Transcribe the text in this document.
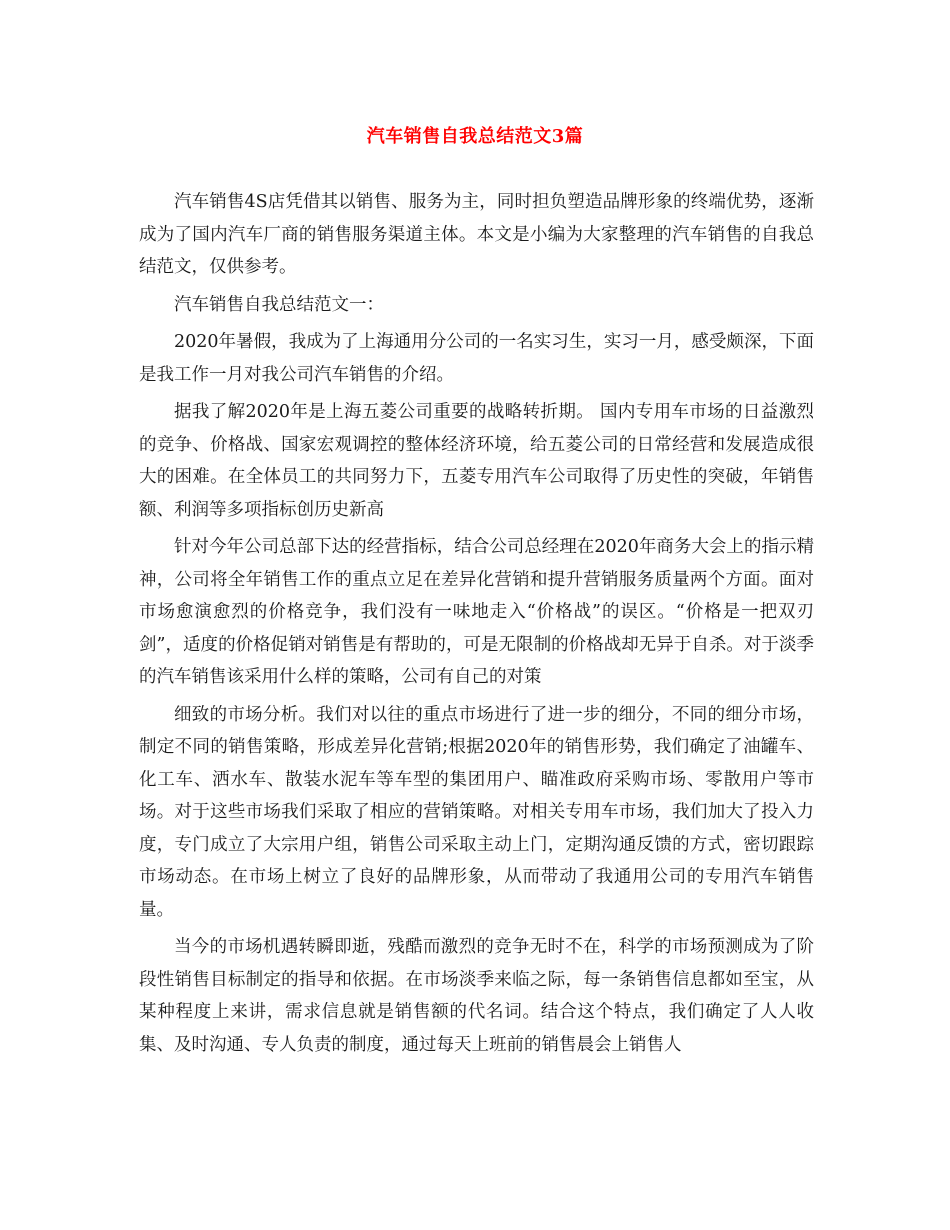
汽车销售自我总结范文3篇

汽车销售4S店凭借其以销售、服务为主，同时担负塑造品牌形象的终端优势，逐渐成为了国内汽车厂商的销售服务渠道主体。本文是小编为大家整理的汽车销售的自我总结范文，仅供参考。

汽车销售自我总结范文一：

2020年暑假，我成为了上海通用分公司的一名实习生，实习一月，感受颇深，下面是我工作一月对我公司汽车销售的介绍。

据我了解2020年是上海五菱公司重要的战略转折期。 国内专用车市场的日益激烈的竞争、价格战、国家宏观调控的整体经济环境，给五菱公司的日常经营和发展造成很大的困难。在全体员工的共同努力下，五菱专用汽车公司取得了历史性的突破，年销售额、利润等多项指标创历史新高

针对今年公司总部下达的经营指标，结合公司总经理在2020年商务大会上的指示精神，公司将全年销售工作的重点立足在差异化营销和提升营销服务质量两个方面。面对市场愈演愈烈的价格竞争，我们没有一味地走入“价格战”的误区。“价格是一把双刃剑”，适度的价格促销对销售是有帮助的，可是无限制的价格战却无异于自杀。对于淡季的汽车销售该采用什么样的策略，公司有自己的对策

细致的市场分析。我们对以往的重点市场进行了进一步的细分，不同的细分市场，制定不同的销售策略，形成差异化营销;根据2020年的销售形势，我们确定了油罐车、化工车、洒水车、散装水泥车等车型的集团用户、瞄准政府采购市场、零散用户等市场。对于这些市场我们采取了相应的营销策略。对相关专用车市场，我们加大了投入力度，专门成立了大宗用户组，销售公司采取主动上门，定期沟通反馈的方式，密切跟踪市场动态。在市场上树立了良好的品牌形象，从而带动了我通用公司的专用汽车销售量。

当今的市场机遇转瞬即逝，残酷而激烈的竞争无时不在，科学的市场预测成为了阶段性销售目标制定的指导和依据。在市场淡季来临之际，每一条销售信息都如至宝，从某种程度上来讲，需求信息就是销售额的代名词。结合这个特点，我们确定了人人收集、及时沟通、专人负责的制度，通过每天上班前的销售晨会上销售人
